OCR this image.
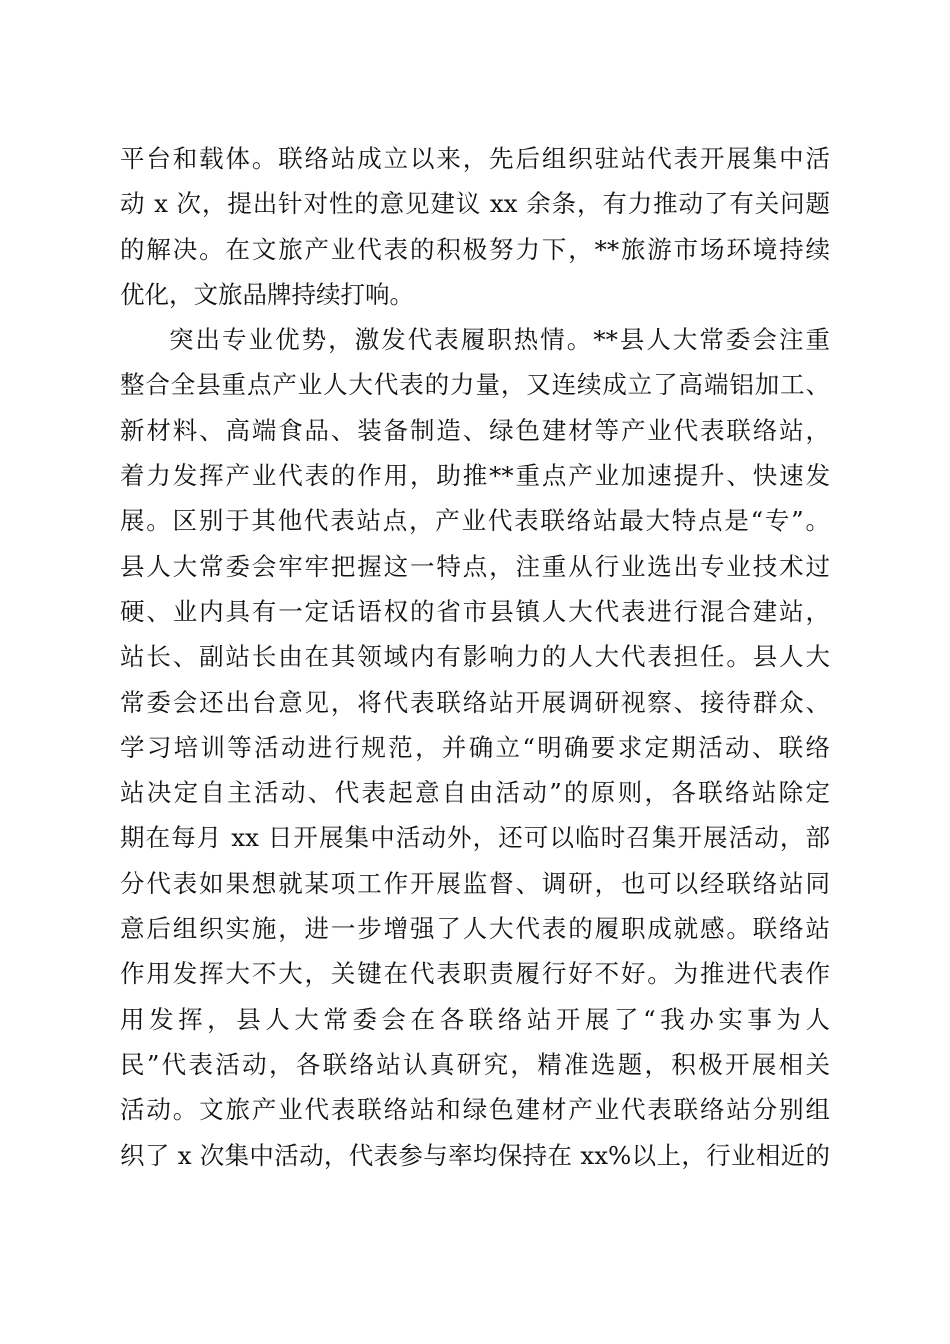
平台和载体。联络站成立以来，先后组织驻站代表开展集中活
动 x 次，提出针对性的意见建议 xx 余条，有力推动了有关问题
的解决。在文旅产业代表的积极努力下，**旅游市场环境持续
优化，文旅品牌持续打响。
突出专业优势，激发代表履职热情。**县人大常委会注重
整合全县重点产业人大代表的力量，又连续成立了高端铝加工、
新材料、高端食品、装备制造、绿色建材等产业代表联络站，
着力发挥产业代表的作用，助推**重点产业加速提升、快速发
展。区别于其他代表站点，产业代表联络站最大特点是“专”。
县人大常委会牢牢把握这一特点，注重从行业选出专业技术过
硬、业内具有一定话语权的省市县镇人大代表进行混合建站，
站长、副站长由在其领域内有影响力的人大代表担任。县人大
常委会还出台意见，将代表联络站开展调研视察、接待群众、
学习培训等活动进行规范，并确立“明确要求定期活动、联络
站决定自主活动、代表起意自由活动”的原则，各联络站除定
期在每月 xx 日开展集中活动外，还可以临时召集开展活动，部
分代表如果想就某项工作开展监督、调研，也可以经联络站同
意后组织实施，进一步增强了人大代表的履职成就感。联络站
作用发挥大不大，关键在代表职责履行好不好。为推进代表作
用发挥，县人大常委会在各联络站开展了“我办实事为人
民”代表活动，各联络站认真研究，精准选题，积极开展相关
活动。文旅产业代表联络站和绿色建材产业代表联络站分别组
织了 x 次集中活动，代表参与率均保持在 xx%以上，行业相近的
